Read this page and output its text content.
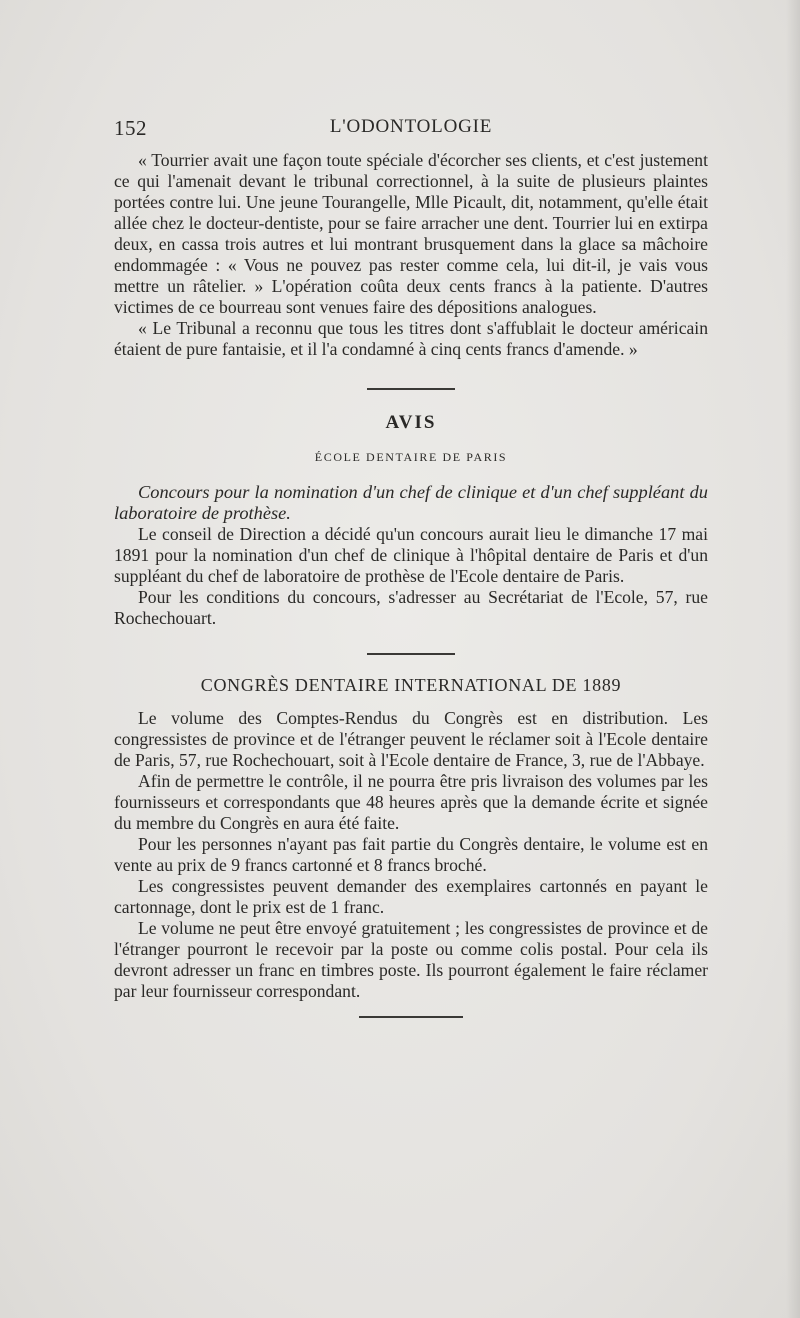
152	L'ODONTOLOGIE

« Tourrier avait une façon toute spéciale d'écorcher ses clients, et c'est justement ce qui l'amenait devant le tribunal correctionnel, à la suite de plusieurs plaintes portées contre lui. Une jeune Tourangelle, Mlle Picault, dit, notamment, qu'elle était allée chez le docteur-dentiste, pour se faire arracher une dent. Tourrier lui en extirpa deux, en cassa trois autres et lui montrant brusquement dans la glace sa mâchoire endommagée : « Vous ne pouvez pas rester comme cela, lui dit-il, je vais vous mettre un râtelier. » L'opération coûta deux cents francs à la patiente. D'autres victimes de ce bourreau sont venues faire des dépositions analogues.

« Le Tribunal a reconnu que tous les titres dont s'affublait le docteur américain étaient de pure fantaisie, et il l'a condamné à cinq cents francs d'amende. »

AVIS
ÉCOLE DENTAIRE DE PARIS
Concours pour la nomination d'un chef de clinique et d'un chef suppléant du laboratoire de prothèse.

Le conseil de Direction a décidé qu'un concours aurait lieu le dimanche 17 mai 1891 pour la nomination d'un chef de clinique à l'hôpital dentaire de Paris et d'un suppléant du chef de laboratoire de prothèse de l'Ecole dentaire de Paris.

Pour les conditions du concours, s'adresser au Secrétariat de l'Ecole, 57, rue Rochechouart.

CONGRÈS DENTAIRE INTERNATIONAL DE 1889

Le volume des Comptes-Rendus du Congrès est en distribution. Les congressistes de province et de l'étranger peuvent le réclamer soit à l'Ecole dentaire de Paris, 57, rue Rochechouart, soit à l'Ecole dentaire de France, 3, rue de l'Abbaye.

Afin de permettre le contrôle, il ne pourra être pris livraison des volumes par les fournisseurs et correspondants que 48 heures après que la demande écrite et signée du membre du Congrès en aura été faite.

Pour les personnes n'ayant pas fait partie du Congrès dentaire, le volume est en vente au prix de 9 francs cartonné et 8 francs broché.

Les congressistes peuvent demander des exemplaires cartonnés en payant le cartonnage, dont le prix est de 1 franc.

Le volume ne peut être envoyé gratuitement ; les congressistes de province et de l'étranger pourront le recevoir par la poste ou comme colis postal. Pour cela ils devront adresser un franc en timbres poste. Ils pourront également le faire réclamer par leur fournisseur correspondant.
